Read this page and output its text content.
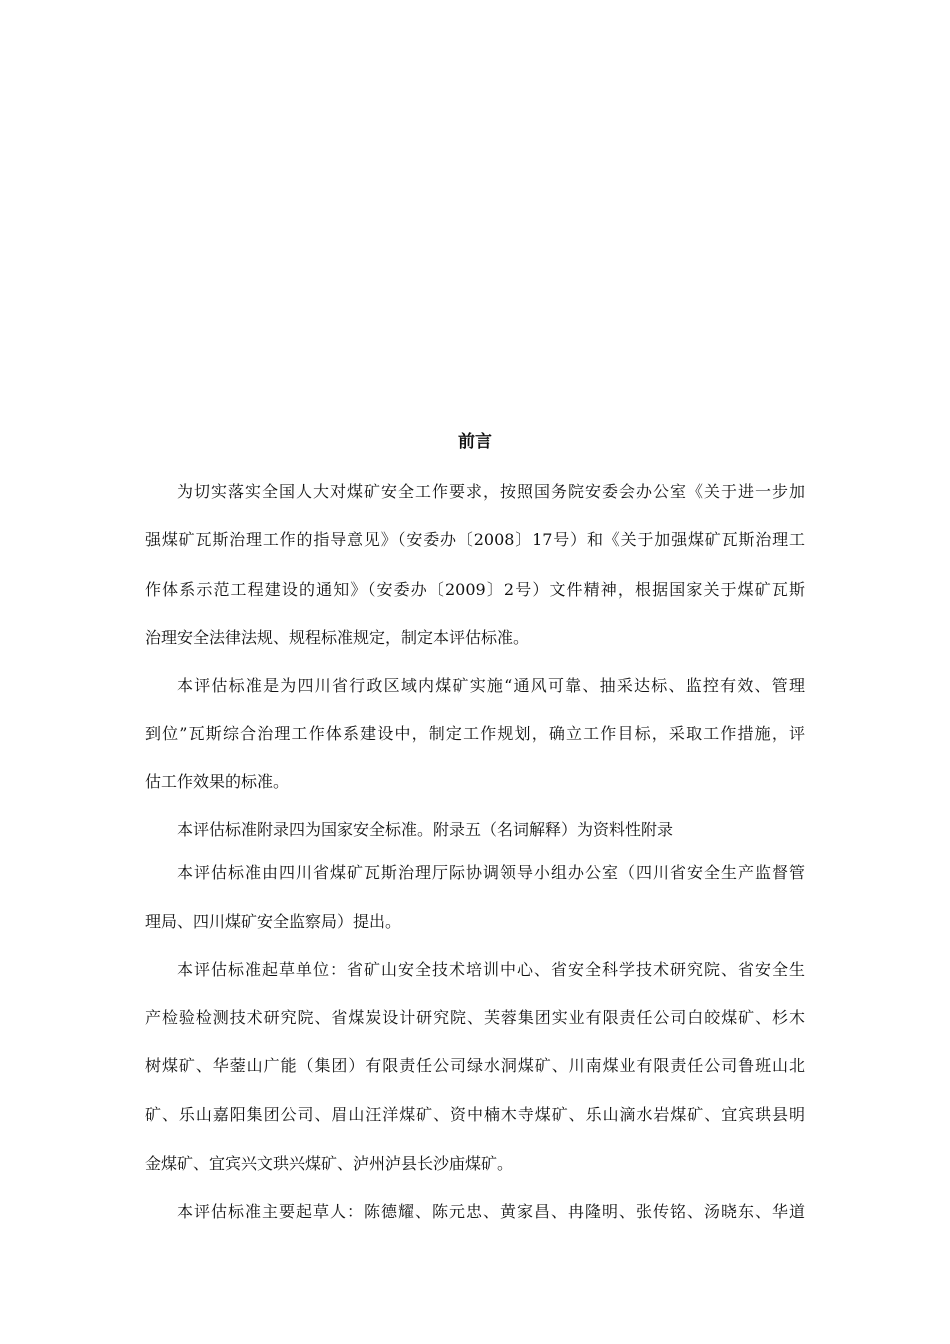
前言
为切实落实全国人大对煤矿安全工作要求，按照国务院安委会办公室《关于进一步加
强煤矿瓦斯治理工作的指导意见》（安委办〔2008〕17号）和《关于加强煤矿瓦斯治理工
作体系示范工程建设的通知》（安委办〔2009〕2号）文件精神，根据国家关于煤矿瓦斯
治理安全法律法规、规程标准规定，制定本评估标准。
本评估标准是为四川省行政区域内煤矿实施“通风可靠、抽采达标、监控有效、管理
到位”瓦斯综合治理工作体系建设中，制定工作规划，确立工作目标，采取工作措施，评
估工作效果的标准。
本评估标准附录四为国家安全标准。附录五（名词解释）为资料性附录
本评估标准由四川省煤矿瓦斯治理厅际协调领导小组办公室（四川省安全生产监督管
理局、四川煤矿安全监察局）提出。
本评估标准起草单位：省矿山安全技术培训中心、省安全科学技术研究院、省安全生
产检验检测技术研究院、省煤炭设计研究院、芙蓉集团实业有限责任公司白皎煤矿、杉木
树煤矿、华蓥山广能（集团）有限责任公司绿水洞煤矿、川南煤业有限责任公司鲁班山北
矿、乐山嘉阳集团公司、眉山汪洋煤矿、资中楠木寺煤矿、乐山滴水岩煤矿、宜宾珙县明
金煤矿、宜宾兴文珙兴煤矿、泸州泸县长沙庙煤矿。
本评估标准主要起草人：陈德耀、陈元忠、黄家昌、冉隆明、张传铭、汤晓东、华道
